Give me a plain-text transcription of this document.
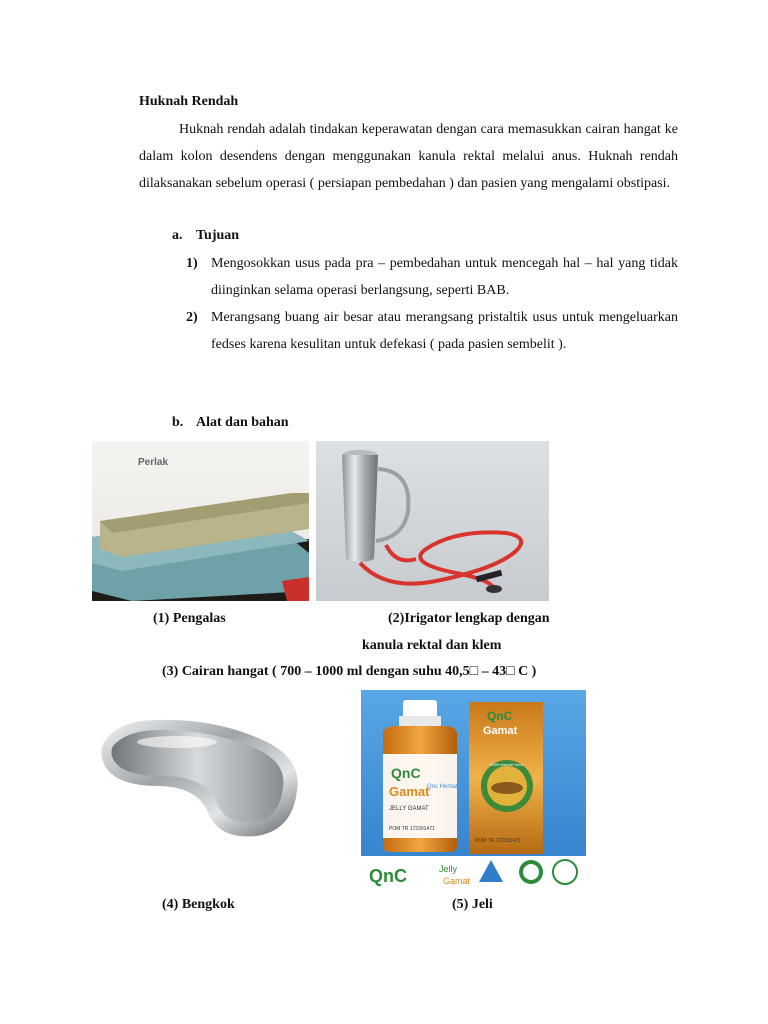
Huknah Rendah

Huknah rendah adalah tindakan keperawatan dengan cara memasukkan cairan hangat ke dalam kolon desendens dengan menggunakan kanula rektal melalui anus. Huknah rendah dilaksanakan sebelum operasi ( persiapan pembedahan ) dan pasien yang mengalami obstipasi.

a. Tujuan
1) Mengosokkan usus pada pra – pembedahan untuk mencegah hal – hal yang tidak diinginkan selama operasi berlangsung, seperti BAB.
2) Merangsang buang air besar atau merangsang pristaltik usus untuk mengeluarkan fedses karena kesulitan untuk defekasi ( pada pasien sembelit ).
b. Alat dan bahan
Perlak
(1) Pengalas	(2)Irigator lengkap dengan
kanula rektal dan klem
(3) Cairan hangat ( 700 – 1000 ml dengan suhu 40,5□ – 43□ C )
QnC
Gamat
JELLY GAMAT
Qnc Herbal
POM TR 172301471
QnC
Gamat
100% Natural Herb
POM TR 172301471
QnC	Jelly
Gamat
(4) Bengkok	(5) Jeli
